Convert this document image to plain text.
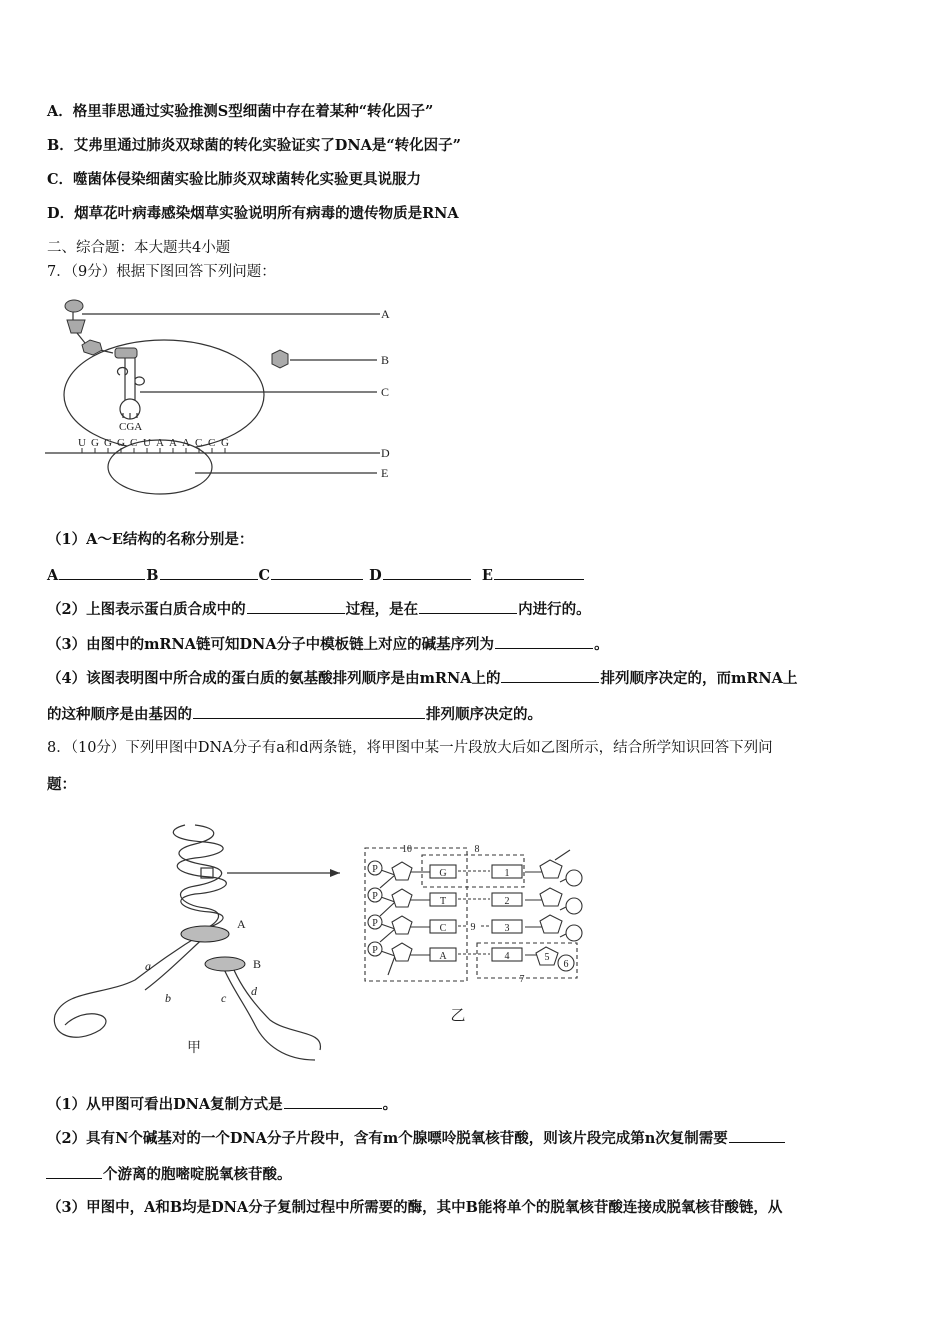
A．格里菲思通过实验推测S型细菌中存在着某种“转化因子”
B．艾弗里通过肺炎双球菌的转化实验证实了DNA是“转化因子”
C．噬菌体侵染细菌实验比肺炎双球菌转化实验更具说服力
D．烟草花叶病毒感染烟草实验说明所有病毒的遗传物质是RNA
二、综合题：本大题共4小题
7．（9分）根据下图回答下列问题：
CGA
U G G G C U A A A C C G
A
B
C
D
E
（1）A～E结构的名称分别是：
A	B	C	D	E
（2）上图表示蛋白质合成中的	过程，是在	内进行的。
（3）由图中的mRNA链可知DNA分子中模板链上对应的碱基序列为	。
（4）该图表明图中所合成的蛋白质的氨基酸排列顺序是由mRNA上的	排列顺序决定的，而mRNA上
的这种顺序是由基因的	排列顺序决定的。
8．（10分）下列甲图中DNA分子有a和d两条链，将甲图中某一片段放大后如乙图所示，结合所学知识回答下列问
题：
A
B
a
b	c d
甲
P
P
P
P
G
T
C
A
1
2
3
4	5
6
7
8
9
10
乙
（1）从甲图可看出DNA复制方式是	。
（2）具有N个碱基对的一个DNA分子片段中，含有m个腺嘌呤脱氧核苷酸，则该片段完成第n次复制需要
个游离的胞嘧啶脱氧核苷酸。
（3）甲图中，A和B均是DNA分子复制过程中所需要的酶，其中B能将单个的脱氧核苷酸连接成脱氧核苷酸链，从
